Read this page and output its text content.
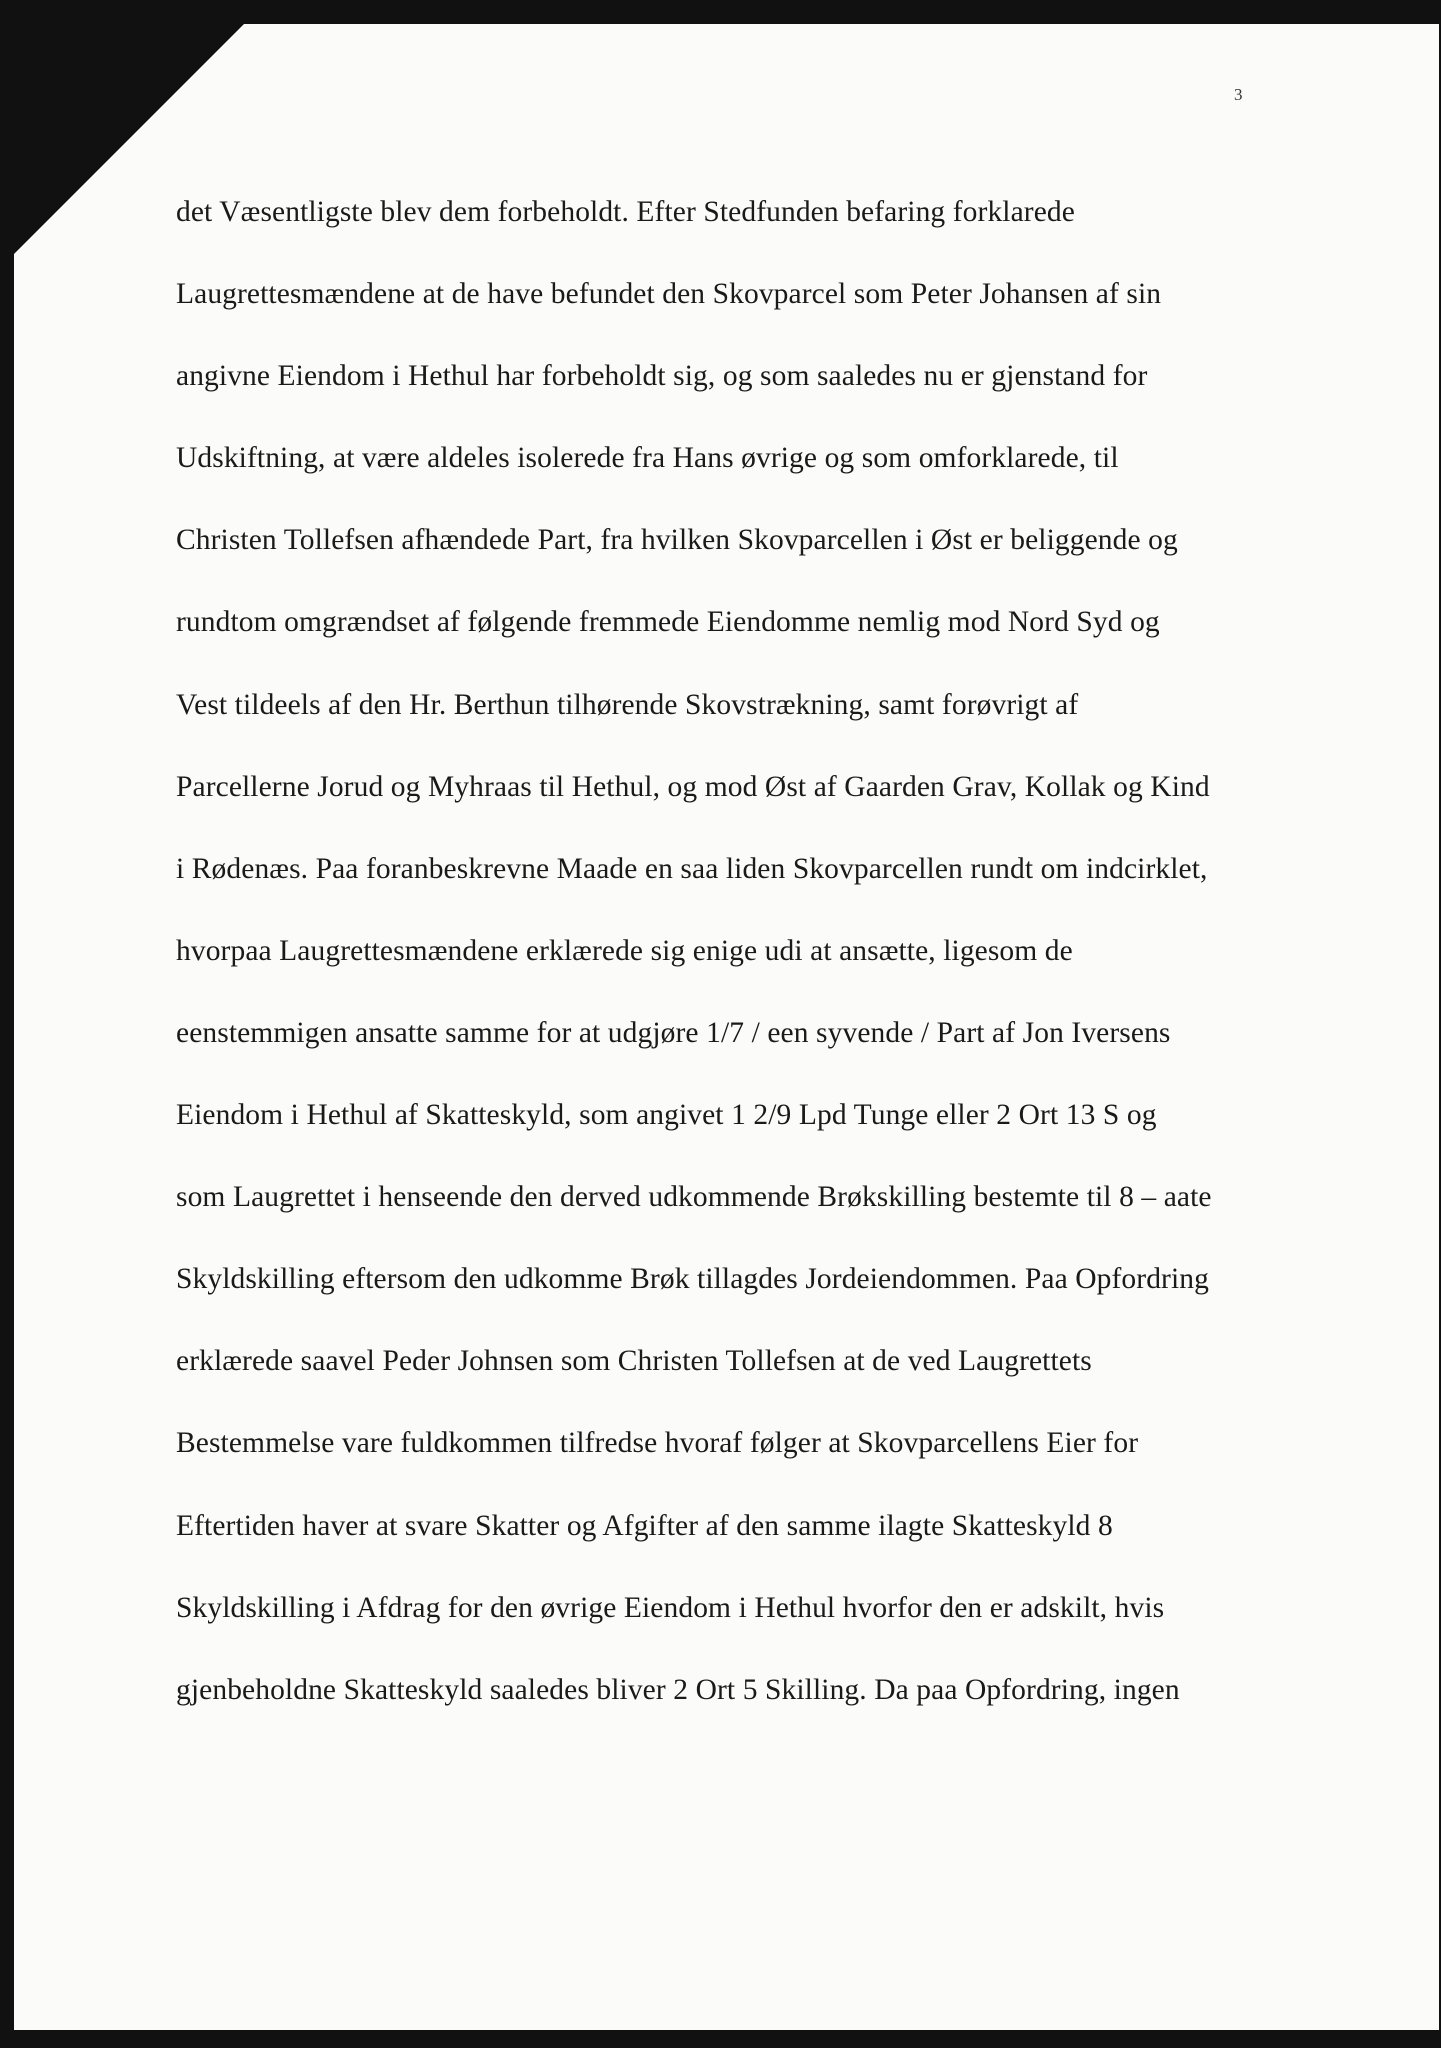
3
det Væsentligste blev dem forbeholdt. Efter Stedfunden befaring forklarede
Laugrettesmændene at de have befundet den Skovparcel som Peter Johansen af sin
angivne Eiendom i Hethul har forbeholdt sig, og som saaledes nu er gjenstand for
Udskiftning, at være aldeles isolerede fra Hans øvrige og som omforklarede, til
Christen Tollefsen afhændede Part, fra hvilken Skovparcellen i Øst er beliggende og
rundtom omgrændset af følgende fremmede Eiendomme nemlig mod Nord Syd og
Vest tildeels af den Hr. Berthun tilhørende Skovstrækning, samt forøvrigt af
Parcellerne Jorud og Myhraas til Hethul, og mod Øst af Gaarden Grav, Kollak og Kind
i Rødenæs. Paa foranbeskrevne Maade en saa liden Skovparcellen rundt om indcirklet,
hvorpaa Laugrettesmændene erklærede sig enige udi at ansætte, ligesom de
eenstemmigen ansatte samme for at udgjøre 1/7 / een syvende / Part af Jon Iversens
Eiendom i Hethul af Skatteskyld, som angivet 1 2/9 Lpd Tunge eller 2 Ort 13 S og
som Laugrettet i henseende den derved udkommende Brøkskilling bestemte til 8 – aate
Skyldskilling eftersom den udkomme Brøk tillagdes Jordeiendommen. Paa Opfordring
erklærede saavel Peder Johnsen som Christen Tollefsen at de ved Laugrettets
Bestemmelse vare fuldkommen tilfredse hvoraf følger at Skovparcellens Eier for
Eftertiden haver at svare Skatter og Afgifter af den samme ilagte Skatteskyld 8
Skyldskilling i Afdrag for den øvrige Eiendom i Hethul hvorfor den er adskilt, hvis
gjenbeholdne Skatteskyld saaledes bliver 2 Ort 5 Skilling. Da paa Opfordring, ingen
